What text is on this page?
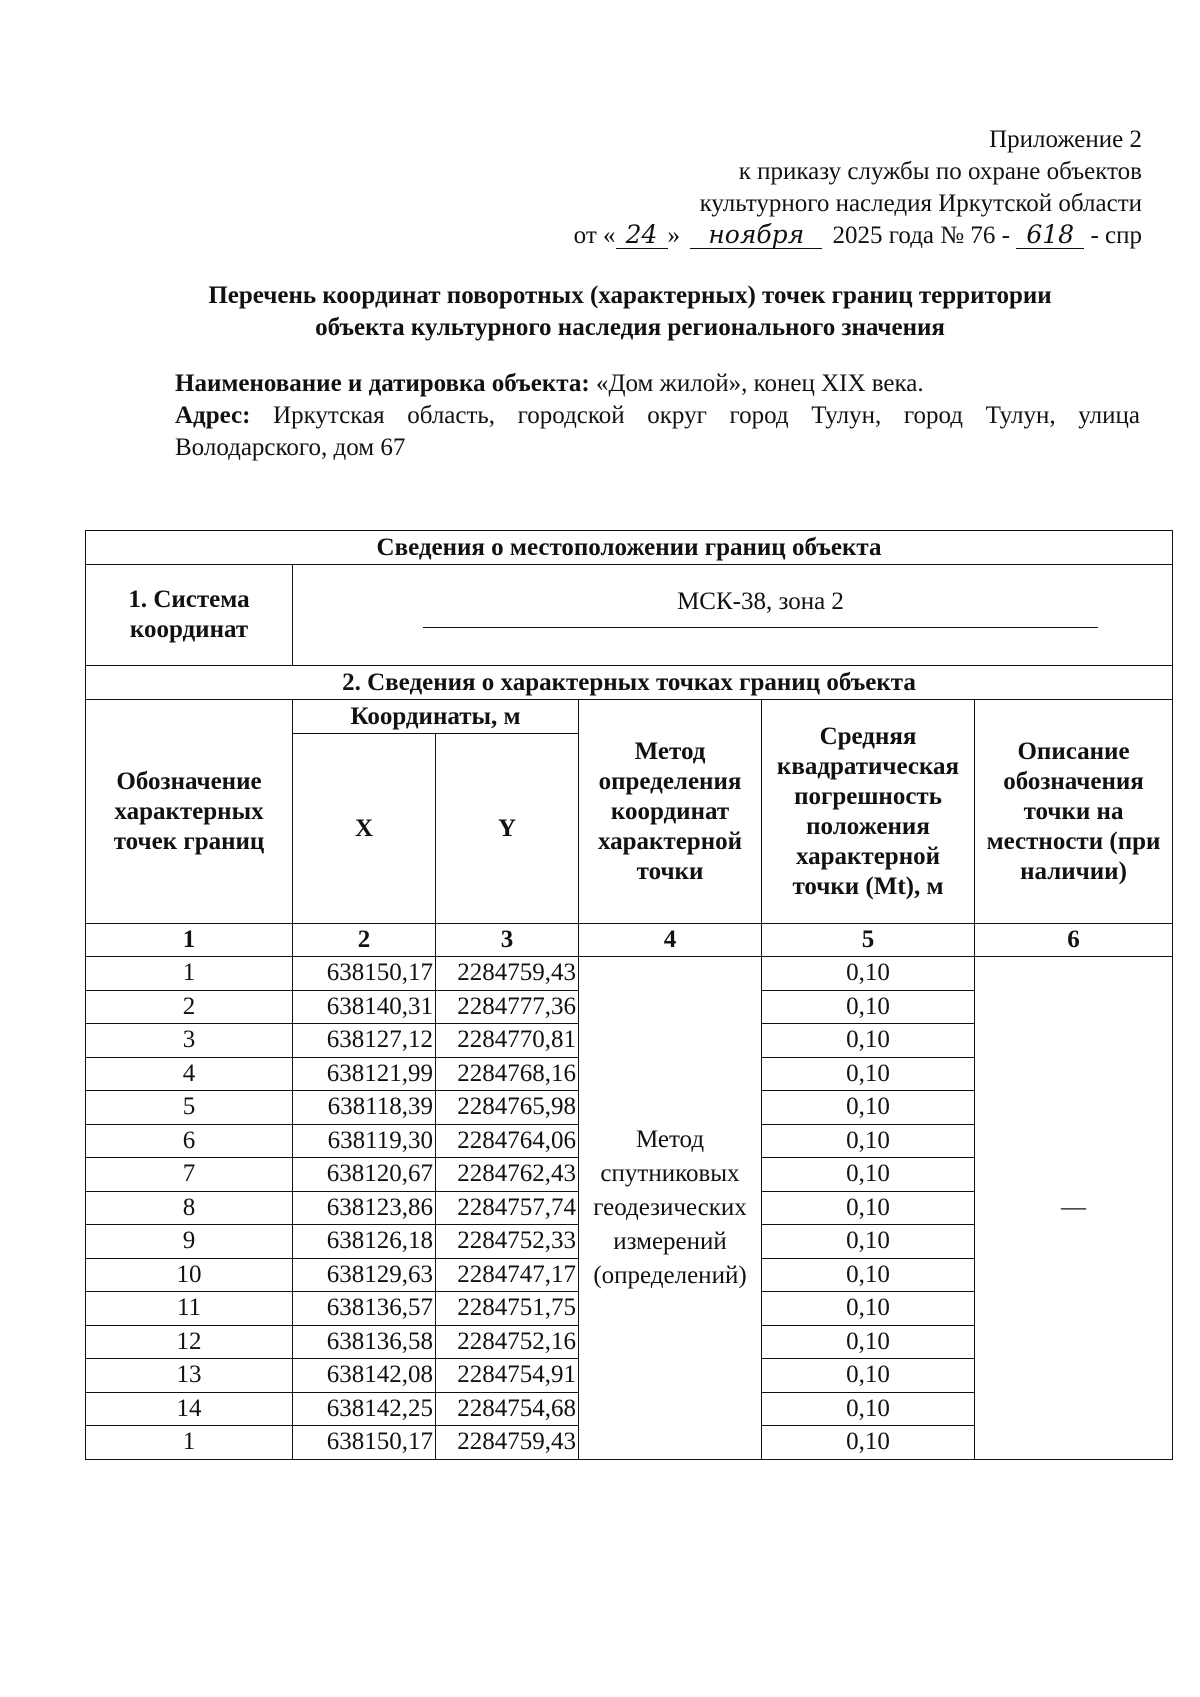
Приложение 2
к приказу службы по охране объектов
культурного наследия Иркутской области
от « 24 » ноября 2025 года № 76 - 618 - спр
Перечень координат поворотных (характерных) точек границ территории
объекта культурного наследия регионального значения
Наименование и датировка объекта: «Дом жилой», конец XIX века.
Адрес: Иркутская область, городской округ город Тулун, город Тулун, улица Володарского, дом 67
Сведения о местоположении границ объекта					
1. Система координат	МСК-38, зона 2				

2. Сведения о характерных точках границ объекта					
Обозначение характерных точек границ	Координаты, м		Метод определения координат характерной точки	Средняя квадратическая погрешность положения характерной точки (Mt), м	Описание обозначения точки на местности (при наличии)
	X	Y			
1	2	3	4	5	6
1	638150,17	2284759,43	Метод спутниковых геодезических измерений (определений)	0,10	—
2	638140,31	2284777,36		0,10	
3	638127,12	2284770,81		0,10	
4	638121,99	2284768,16		0,10	
5	638118,39	2284765,98		0,10	
6	638119,30	2284764,06		0,10	
7	638120,67	2284762,43		0,10	
8	638123,86	2284757,74		0,10	
9	638126,18	2284752,33		0,10	
10	638129,63	2284747,17		0,10	
11	638136,57	2284751,75		0,10	
12	638136,58	2284752,16		0,10	
13	638142,08	2284754,91		0,10	
14	638142,25	2284754,68		0,10	
1	638150,17	2284759,43		0,10	
